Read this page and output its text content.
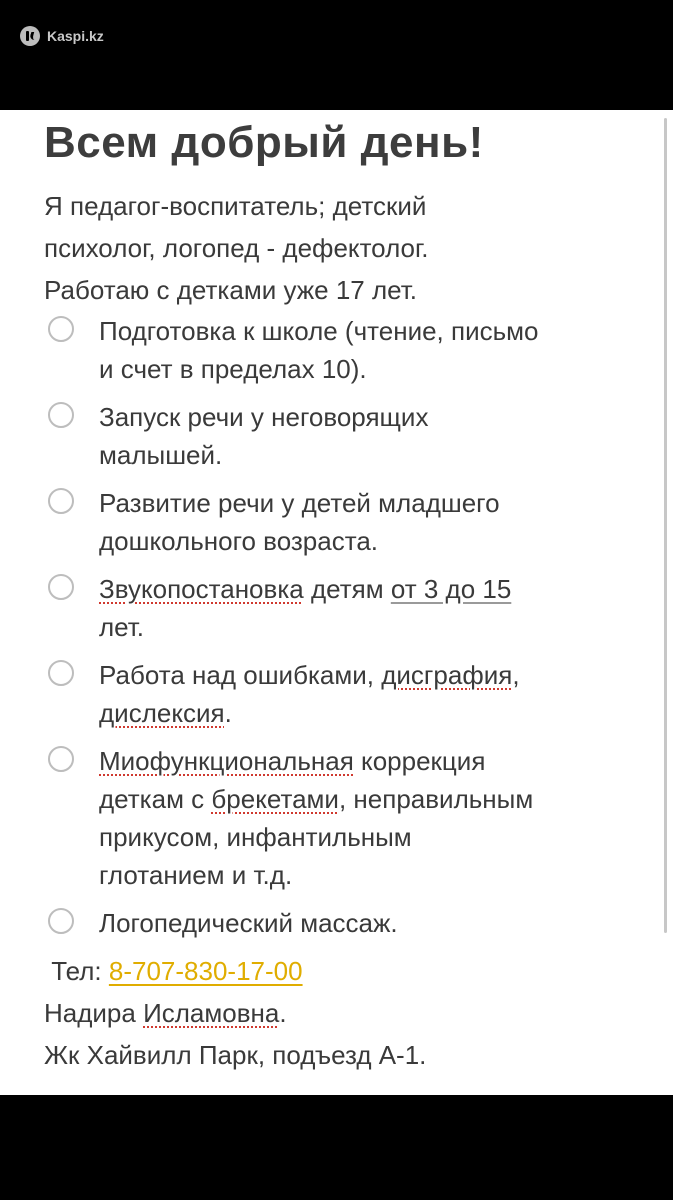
Kaspi.kz
Всем добрый день!
Я педагог-воспитатель; детский
психолог, логопед - дефектолог.
Работаю с детками уже 17 лет.
Подготовка к школе (чтение, письмо
и счет в пределах 10).
Запуск речи у неговорящих
малышей.
Развитие речи у детей младшего
дошкольного возраста.
Звукопостановка детям от 3 до 15
лет.
Работа над ошибками, дисграфия,
дислексия.
Миофункциональная коррекция
деткам с брекетами, неправильным
прикусом, инфантильным
глотанием и т.д.
Логопедический массаж.
Тел: 8-707-830-17-00
Надира Исламовна.
Жк Хайвилл Парк, подъезд А-1.
